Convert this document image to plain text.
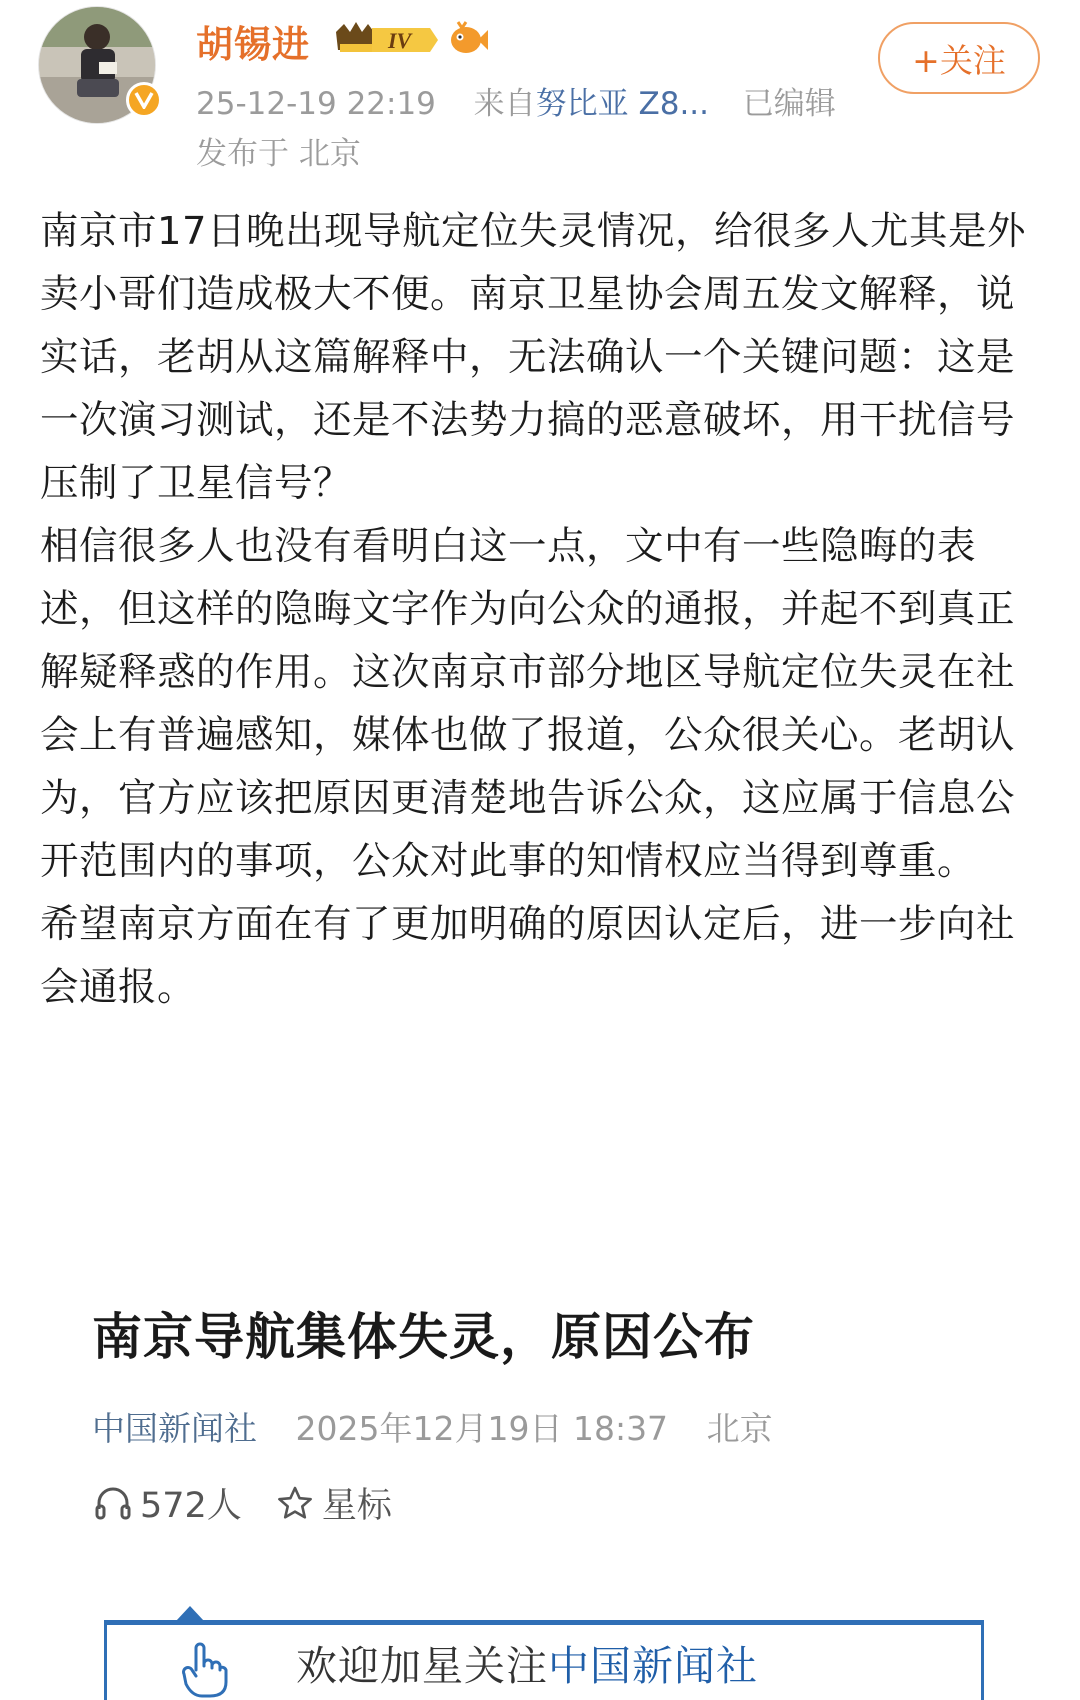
胡锡进	IV
25-12-19 22:19 来自努比亚 Z8... 已编辑
发布于 北京
+关注

南京市17日晚出现导航定位失灵情况，给很多人尤其是外卖小哥们造成极大不便。南京卫星协会周五发文解释，说实话，老胡从这篇解释中，无法确认一个关键问题：这是一次演习测试，还是不法势力搞的恶意破坏，用干扰信号压制了卫星信号？

相信很多人也没有看明白这一点，文中有一些隐晦的表述，但这样的隐晦文字作为向公众的通报，并起不到真正解疑释惑的作用。这次南京市部分地区导航定位失灵在社会上有普遍感知，媒体也做了报道，公众很关心。老胡认为，官方应该把原因更清楚地告诉公众，这应属于信息公开范围内的事项，公众对此事的知情权应当得到尊重。

希望南京方面在有了更加明确的原因认定后，进一步向社会通报。

南京导航集体失灵，原因公布
中国新闻社 2025年12月19日 18:37 北京
572人 星标
欢迎加星关注中国新闻社
